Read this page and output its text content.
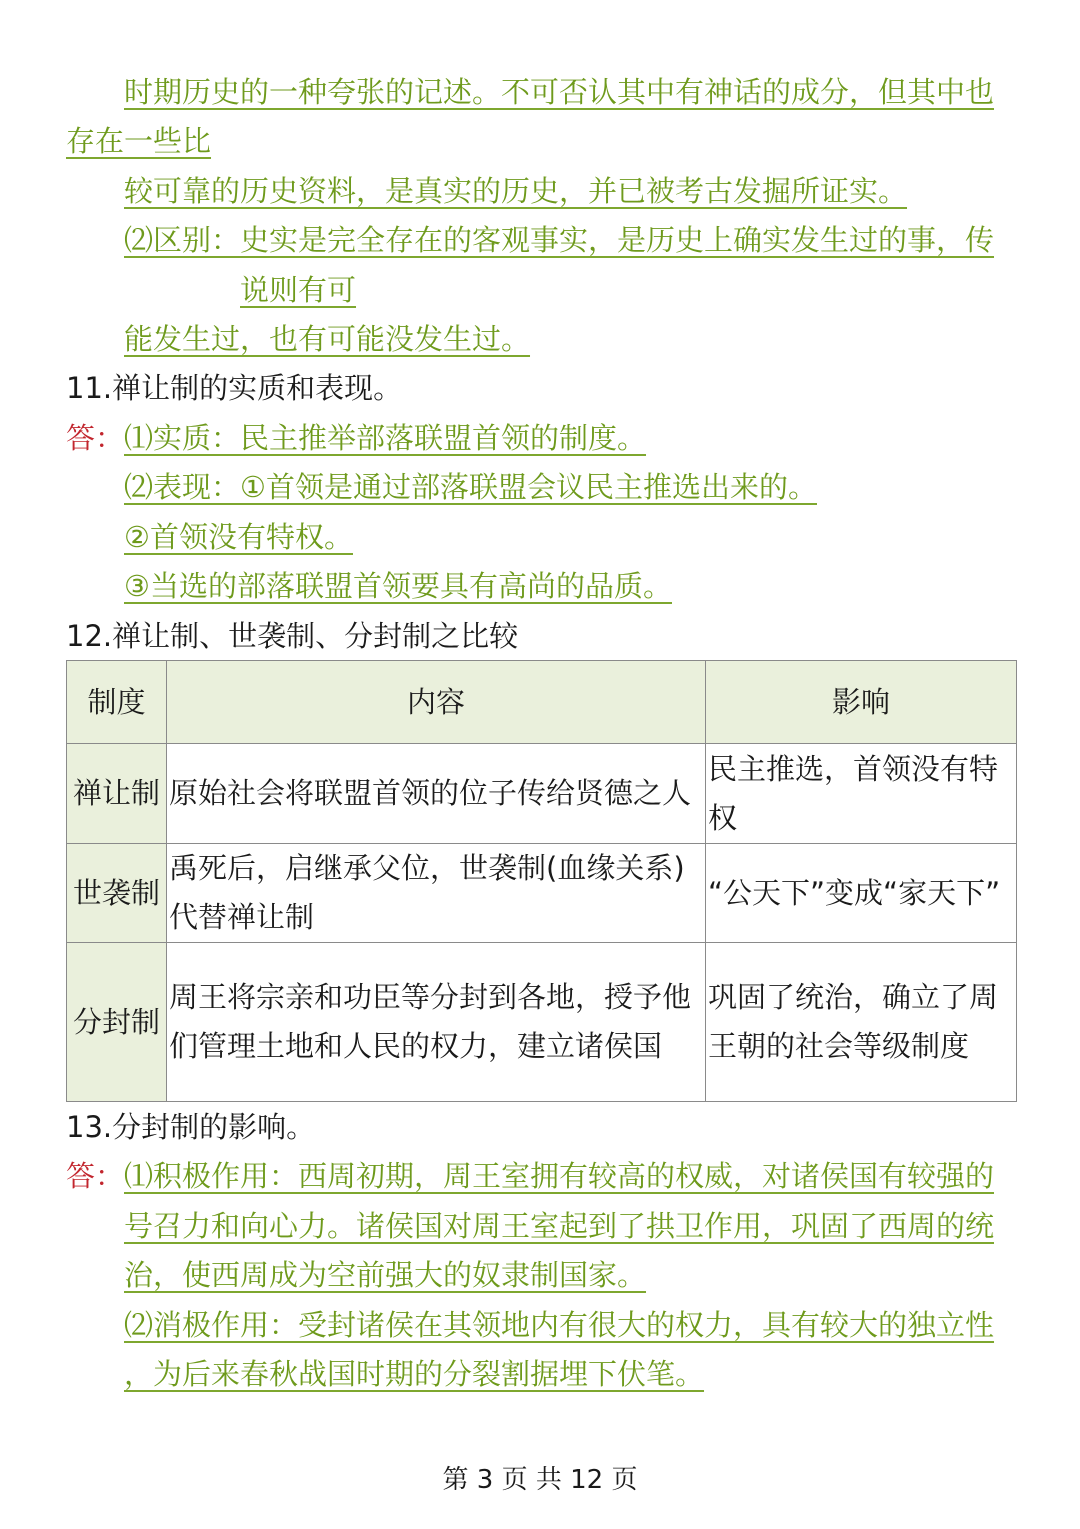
时期历史的一种夸张的记述。不可否认其中有神话的成分，但其中也
存在一些比
较可靠的历史资料，是真实的历史，并已被考古发掘所证实。
⑵区别：史实是完全存在的客观事实，是历史上确实发生过的事，传
说则有可
能发生过，也有可能没发生过。
11.禅让制的实质和表现。
答： ⑴实质：民主推举部落联盟首领的制度。
⑵表现：①首领是通过部落联盟会议民主推选出来的。
②首领没有特权。
③当选的部落联盟首领要具有高尚的品质。
12.禅让制、世袭制、分封制之比较
制度	内容	影响
禅让制	原始社会将联盟首领的位子传给贤德之人	民主推选，首领没有特权
世袭制	禹死后，启继承父位，世袭制(血缘关系)代替禅让制	“公天下”变成“家天下”
分封制	周王将宗亲和功臣等分封到各地，授予他们管理土地和人民的权力，建立诸侯国	巩固了统治，确立了周王朝的社会等级制度
13.分封制的影响。
答： ⑴积极作用：西周初期，周王室拥有较高的权威，对诸侯国有较强的
号召力和向心力。诸侯国对周王室起到了拱卫作用，巩固了西周的统
治，使西周成为空前强大的奴隶制国家。
⑵消极作用：受封诸侯在其领地内有很大的权力，具有较大的独立性
，为后来春秋战国时期的分裂割据埋下伏笔。
第 3 页 共 12 页
